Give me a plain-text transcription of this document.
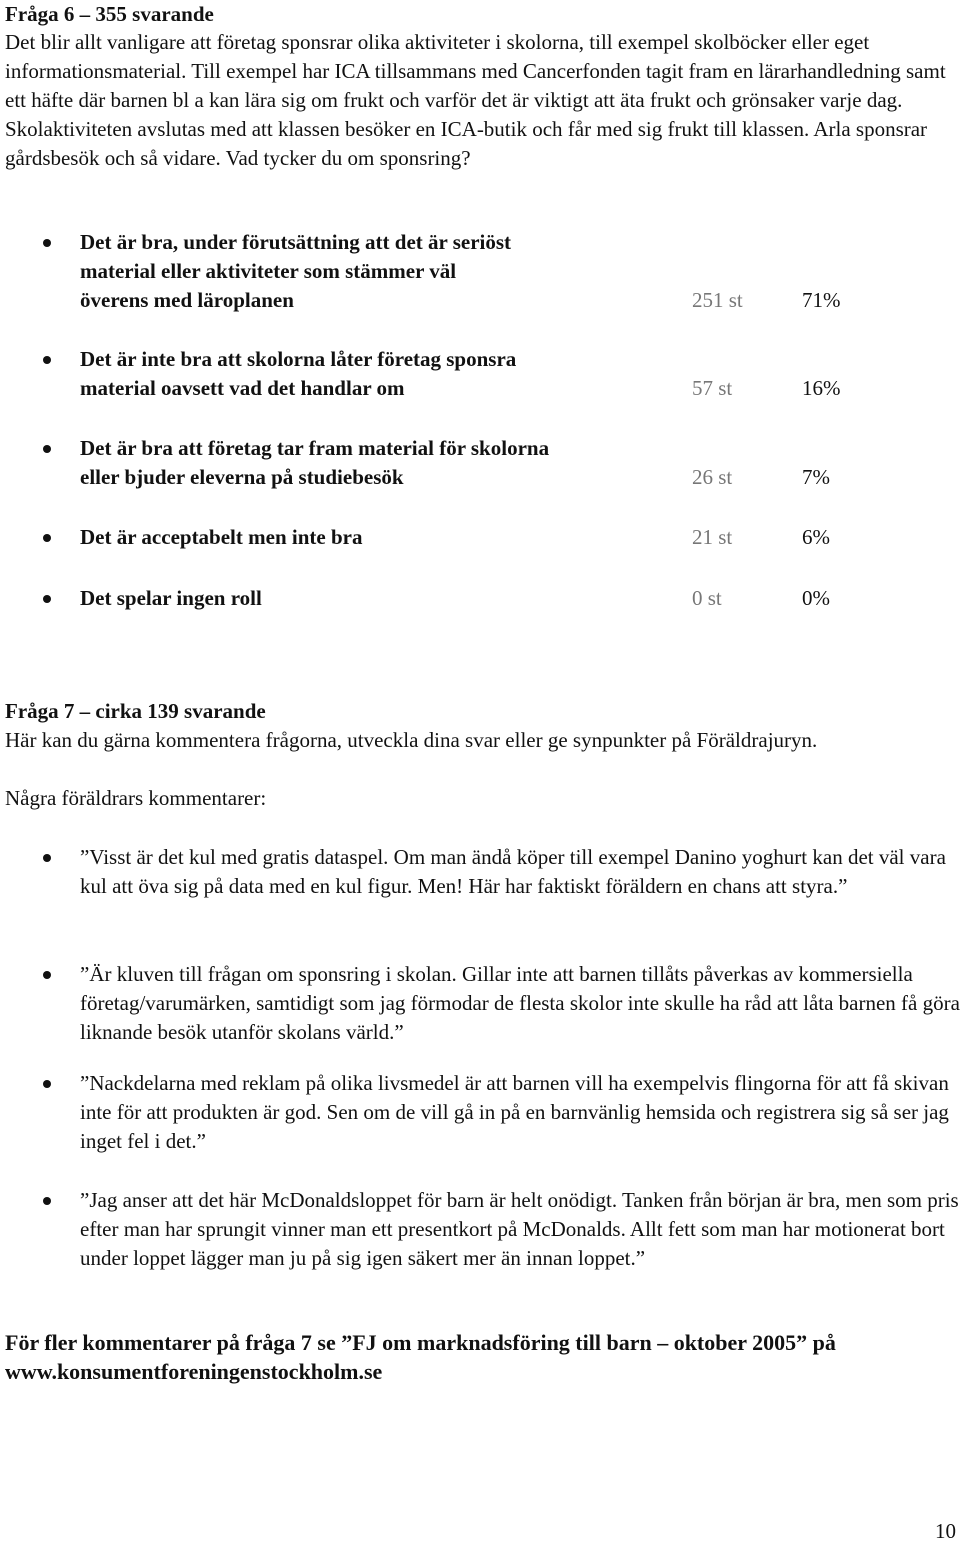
Fråga 6 – 355 svarande

Det blir allt vanligare att företag sponsrar olika aktiviteter i skolorna, till exempel skolböcker eller eget informationsmaterial. Till exempel har ICA tillsammans med Cancerfonden tagit fram en lärarhandledning samt ett häfte där barnen bl a kan lära sig om frukt och varför det är viktigt att äta frukt och grönsaker varje dag. Skolaktiviteten avslutas med att klassen besöker en ICA-butik och får med sig frukt till klassen. Arla sponsrar gårdsbesök och så vidare. Vad tycker du om sponsring?

Det är bra, under förutsättning att det är seriöst
material eller aktiviteter som stämmer väl
överens med läroplanen	251 st	71%
Det är inte bra att skolorna låter företag sponsra
material oavsett vad det handlar om	57 st	16%
Det är bra att företag tar fram material för skolorna
eller bjuder eleverna på studiebesök	26 st	7%
Det är acceptabelt men inte bra	21 st	6%
Det spelar ingen roll	0 st	0%

Fråga 7 – cirka 139 svarande

Här kan du gärna kommentera frågorna, utveckla dina svar eller ge synpunkter på Föräldrajuryn.

Några föräldrars kommentarer:

”Visst är det kul med gratis dataspel. Om man ändå köper till exempel Danino yoghurt kan det väl vara kul att öva sig på data med en kul figur. Men! Här har faktiskt föräldern en chans att styra.”

”Är kluven till frågan om sponsring i skolan. Gillar inte att barnen tillåts påverkas av kommersiella företag/varumärken, samtidigt som jag förmodar de flesta skolor inte skulle ha råd att låta barnen få göra liknande besök utanför skolans värld.”

”Nackdelarna med reklam på olika livsmedel är att barnen vill ha exempelvis flingorna för att få skivan inte för att produkten är god. Sen om de vill gå in på en barnvänlig hemsida och registrera sig så ser jag inget fel i det.”

”Jag anser att det här McDonaldsloppet för barn är helt onödigt. Tanken från början är bra, men som pris efter man har sprungit vinner man ett presentkort på McDonalds. Allt fett som man har motionerat bort under loppet lägger man ju på sig igen säkert mer än innan loppet.”

För fler kommentarer på fråga 7 se ”FJ om marknadsföring till barn – oktober 2005” på www.konsumentforeningenstockholm.se

10
